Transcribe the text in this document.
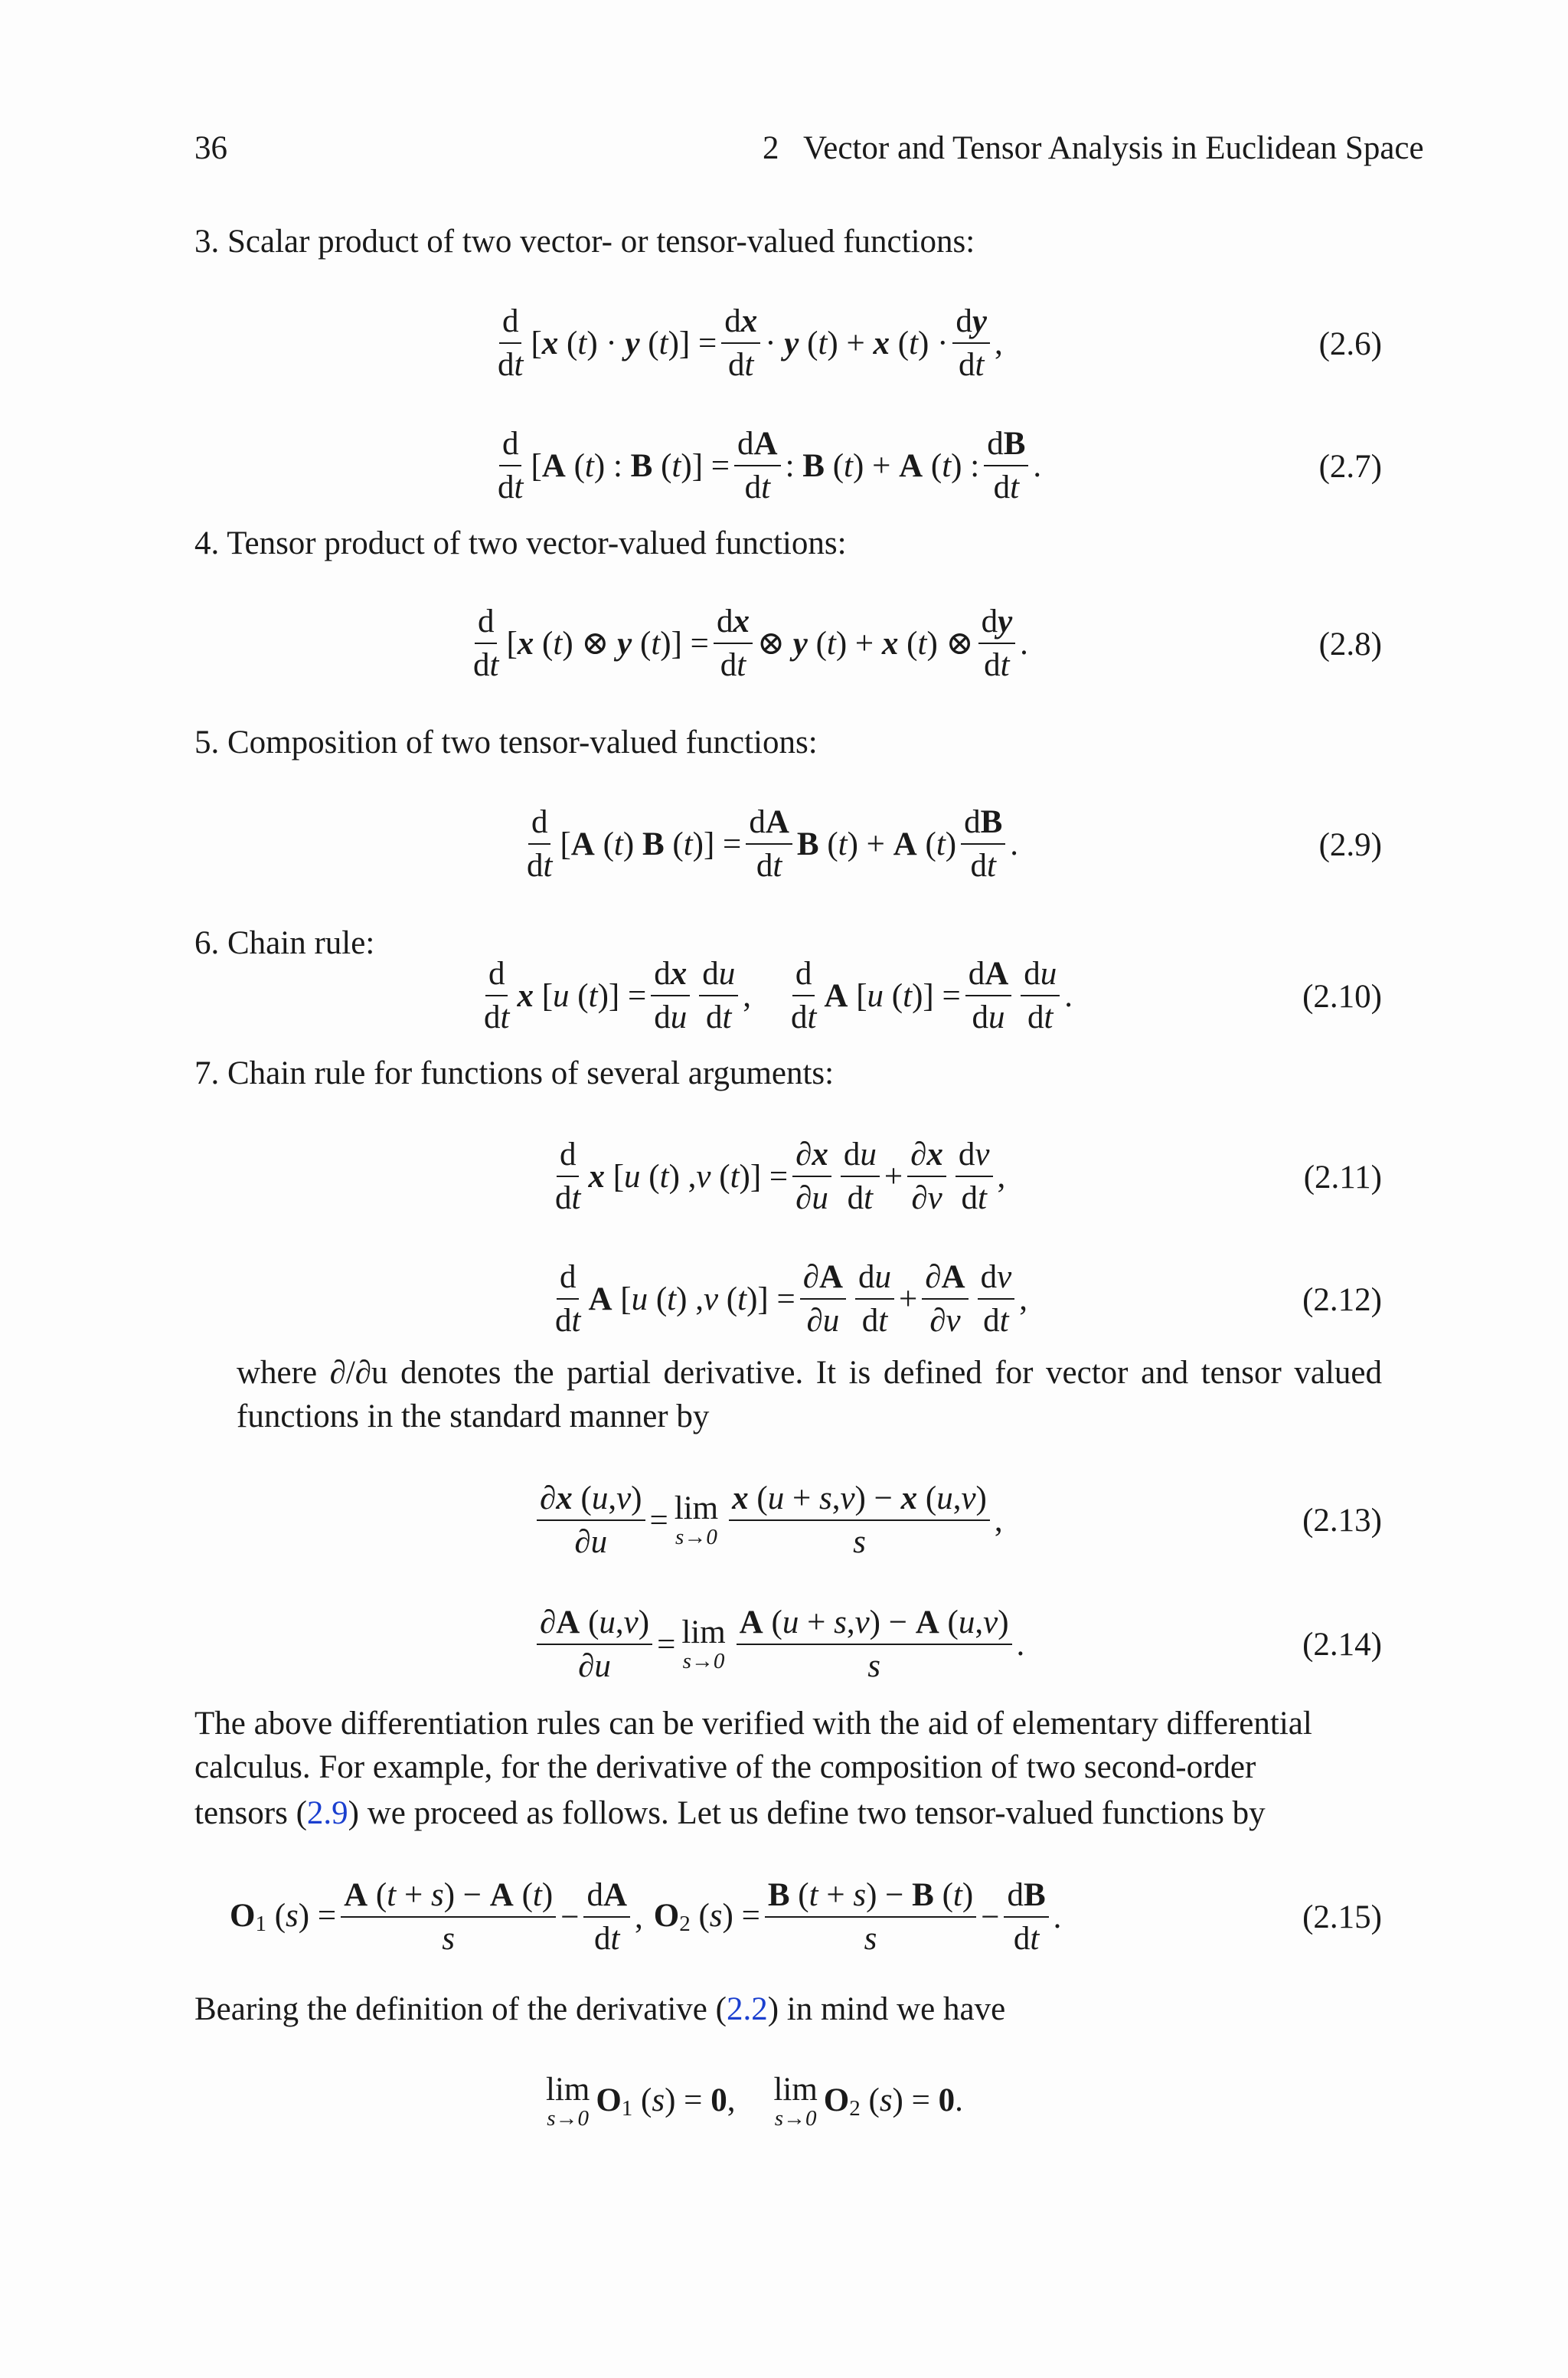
36	2   Vector and Tensor Analysis in Euclidean Space
3. Scalar product of two vector- or tensor-valued functions:
d
dt
[x (t) · y $(t)] = \frac{dx}{dt} \cdot y$ (t) + x (t) ·
dy
dt
,	(2.6)
d
dt
[A (t) : B $(t)] = \frac{dA}{dt}$ : B (t) + A (t) :
dB
dt
.	(2.7)
4. Tensor product of two vector-valued functions:
d
dt
[x (t) ⊗ y $(t)] = \frac{dx}{dt}$ ⊗ y (t) + x (t) ⊗
dy
dt
.	(2.8)
5. Composition of two tensor-valued functions:
d
dt
[A (t) B $(t)] = \frac{dA}{dt}$ B (t) + A (t)
dB
dt
.	(2.9)
6. Chain rule:
d
dt
x [u $(t)] = \frac{dx}{du}$ du
dt
,
d
dt
A [u $(t)] = \frac{dA}{du}$ du
dt
.	(2.10)
7. Chain rule for functions of several arguments:
d
dt
x [u (t) ,v $(t)] = \frac{\partial x}{\partial u}$ du
dt
+ $\frac{\partial x}{\partial v}$ dv
dt
,	(2.11)
d
dt
A [u (t) ,v $(t)] = \frac{\partial A}{\partial u}$ du
dt
+ $\frac{\partial A}{\partial v}$ dv
dt
,	(2.12)
where ∂/∂u denotes the partial derivative. It is defined for vector and tensor valued functions in the standard manner by
$\frac{\partial x (u,v)}{\partial u} = \lim$
s→0
x (u + s,v) − x (u,v)
s
,	(2.13)
$\frac{\partial A (u,v)}{\partial u} = \lim$
s→0
A (u + s,v) − A (u,v)
s
.	(2.14)
The above differentiation rules can be verified with the aid of elementary differential
calculus. For example, for the derivative of the composition of two second-order
tensors (2.9) we proceed as follows. Let us define two tensor-valued functions by
O1 $(s) = \frac{A (t + s) - A (t)}{s} - \frac{dA}{dt}$ , O2 $(s) = \frac{B (t + s) - B (t)}{s} - \frac{dB}{dt}$ .	(2.15)
Bearing the definition of the derivative (2.2) in mind we have
lim
s→0
O1 (s) = 0, lim
s→0
O2 (s) = 0.
